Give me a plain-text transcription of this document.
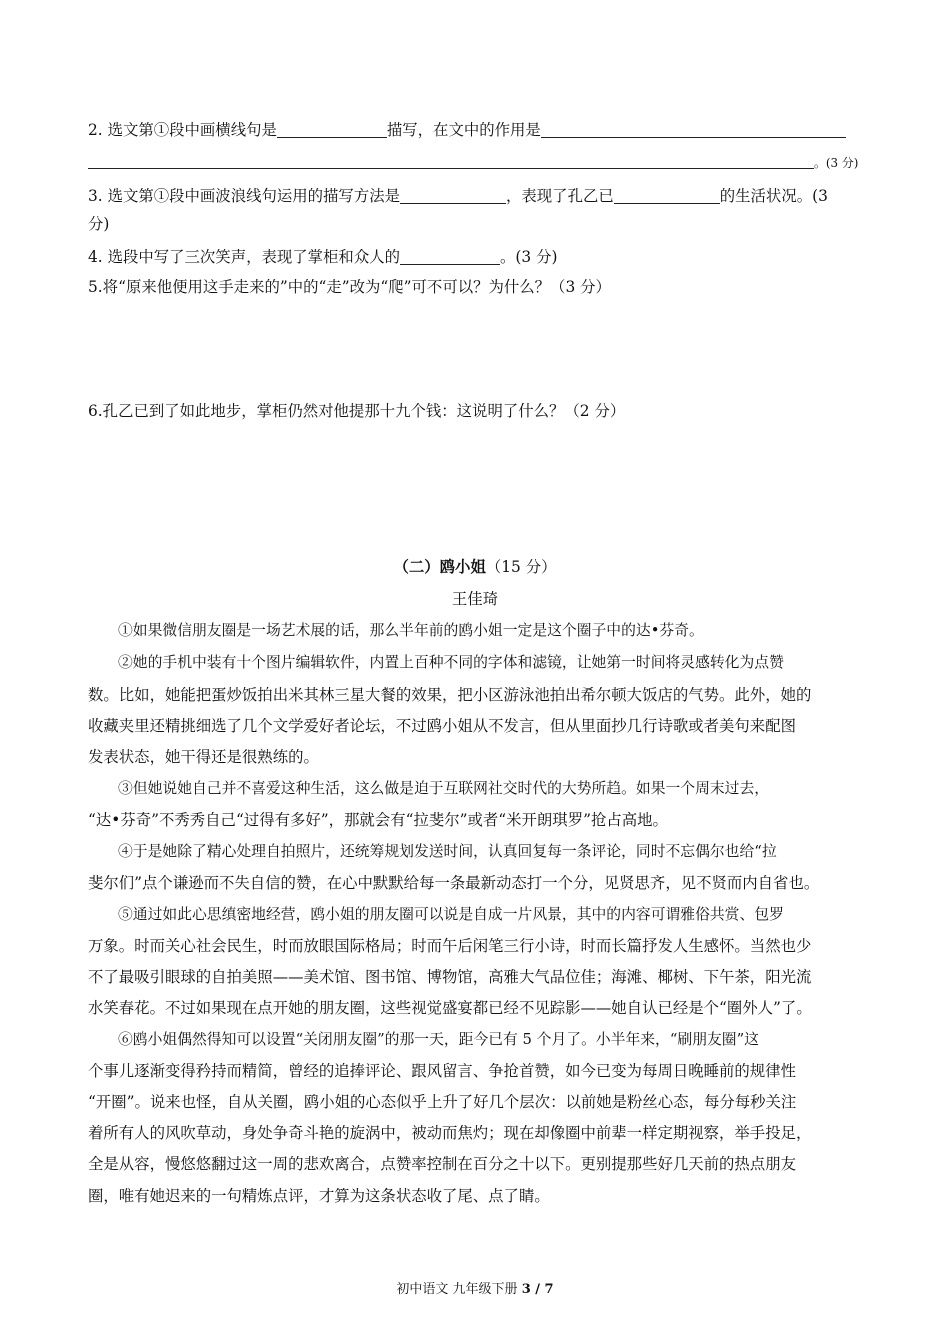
2. 选文第①段中画横线句是	描写，在文中的作用是
。(3 分)
3. 选文第①段中画波浪线句运用的描写方法是	，表现了孔乙已	的生活状况。(3
分)
4. 选段中写了三次笑声，表现了掌柜和众人的	。(3 分)
5.将“原来他便用这手走来的”中的“走”改为“爬”可不可以？为什么？（3 分）
6.孔乙已到了如此地步，掌柜仍然对他提那十九个钱：这说明了什么？（2 分）
（二）鸥小姐（15 分）
王佳琦
①如果微信朋友圈是一场艺术展的话，那么半年前的鸥小姐一定是这个圈子中的达•芬奇。
②她的手机中装有十个图片编辑软件，内置上百种不同的字体和滤镜，让她第一时间将灵感转化为点赞
数。比如，她能把蛋炒饭拍出米其林三星大餐的效果，把小区游泳池拍出希尔顿大饭店的气势。此外，她的
收藏夹里还精挑细选了几个文学爱好者论坛，不过鸥小姐从不发言，但从里面抄几行诗歌或者美句来配图
发表状态，她干得还是很熟练的。
③但她说她自己并不喜爱这种生活，这么做是迫于互联网社交时代的大势所趋。如果一个周末过去，
“达•芬奇”不秀秀自己“过得有多好”，那就会有“拉斐尔”或者“米开朗琪罗”抢占高地。
④于是她除了精心处理自拍照片，还统筹规划发送时间，认真回复每一条评论，同时不忘偶尔也给“拉
斐尔们”点个谦逊而不失自信的赞，在心中默默给每一条最新动态打一个分，见贤思齐，见不贤而内自省也。
⑤通过如此心思缜密地经营，鸥小姐的朋友圈可以说是自成一片风景，其中的内容可谓雅俗共赏、包罗
万象。时而关心社会民生，时而放眼国际格局；时而午后闲笔三行小诗，时而长篇抒发人生感怀。当然也少
不了最吸引眼球的自拍美照——美术馆、图书馆、博物馆，高雅大气品位佳；海滩、椰树、下午茶，阳光流
水笑春花。不过如果现在点开她的朋友圈，这些视觉盛宴都已经不见踪影——她自认已经是个“圈外人”了。
⑥鸥小姐偶然得知可以设置“关闭朋友圈”的那一天，距今已有 5 个月了。小半年来，“刷朋友圈”这
个事儿逐渐变得矜持而精简，曾经的追捧评论、跟风留言、争抢首赞，如今已变为每周日晚睡前的规律性
“开圈”。说来也怪，自从关圈，鸥小姐的心态似乎上升了好几个层次：以前她是粉丝心态，每分每秒关注
着所有人的风吹草动，身处争奇斗艳的旋涡中，被动而焦灼；现在却像圈中前辈一样定期视察，举手投足，
全是从容，慢悠悠翻过这一周的悲欢离合，点赞率控制在百分之十以下。更别提那些好几天前的热点朋友
圈，唯有她迟来的一句精炼点评，才算为这条状态收了尾、点了睛。
初中语文 九年级下册 3 / 7
